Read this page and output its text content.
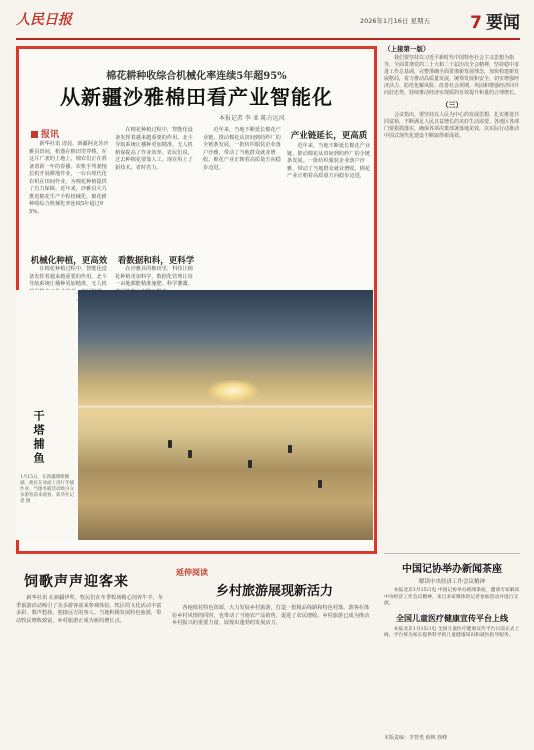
人民日报	2026年1月16日 星期五 7 要闻
棉花耕种收综合机械化率连续5年超95%
从新疆沙雅棉田看产业智能化
本报记者 李 亚 陈方远风
报讯

新华社讯 清晨，新疆阿克苏沙雅县田间，机器在棉田里穿梭。在这片广袤的土地上，棉农们正在准备着新一年的春播。农机手驾驶拖拉机开展耕地作业，一台台现代化农机在田间作业，为棉花种植提供了有力保障。近年来，沙雅县大力推进棉花生产全程机械化，棉花耕种收综合机械化率连续5年超过95%。

机械化种植，更高效

在棉花种植过程中，智能化设备发挥着越来越重要的作用。北斗导航系统让播种更加精准，无人机

在棉花种植过程中，智能化设备发挥着越来越重要的作用。北斗导航系统让播种更加精准，无人机植保提高了作业效率。农民们说，过去种棉花要靠人工，现在用上了新技术，省时省力。

看数据和科，更科学

在沙雅县的棉田里，科技让棉花种植更加科学，数据化管理让每一亩地都能精准施肥、科学灌溉，

近年来，当地不断延长棉花产业链，推动棉花从田间到纺纱厂的全链条发展。一批纺织服装企业落户沙雅，带动了当地群众就业增收。棉花产业正朝着高质量方向稳步迈进。

产业链延长，更高质

近年来，当地不断延长棉花产业链，推动棉花从田间到纺纱厂的全链条发展。一批纺织服装企业落户沙雅，带动了当地群众就业增收。棉花产业正朝着高质量方向稳步迈进。

干塔捕鱼
1月15日，在新疆博斯腾湖，渔民在冰面上进行冬捕作业。当地冬捕活动吸引众多游客前来观看。新华社记者 摄
（上接第一版）

我们要坚持以习近平新时代中国特色社会主义思想为指导，全面贯彻党的二十大和二十届历次全会精神，坚持稳中求进工作总基调，完整准确全面贯彻新发展理念，加快构建新发展格局，着力推动高质量发展，统筹发展和安全，切实增强经济活力、防范化解风险、改善社会预期，巩固和增强经济回升向好态势，持续推动经济实现质的有效提升和量的合理增长。

（三）

会议指出，要坚持以人民为中心的发展思想，扎实推进共同富裕，不断满足人民日益增长的美好生活需要。各地区各部门要狠抓落实，确保各项决策部署落地见效，以实际行动推动中国式现代化建设不断取得新成效。

饲歌声声迎客来

新华社讯 在新疆伊犁，牧民们在冬季牧场精心饲养牛羊，冬季旅游活动吸引了众多游客前来参观体验。牧区的文化活动丰富多彩，歌声悠扬，迎接远方的客人。当地积极发展特色旅游，带动牧民增收致富，乡村旅游正成为新的增长点。

延伸阅读
乡村旅游展现新活力

各地依托特色资源，大力发展乡村旅游，打造一批精品线路和特色村落。游客在体验乡村风情的同时，也带动了当地农产品销售，促进了农民增收。乡村旅游已成为推动乡村振兴的重要力量，展现出蓬勃的发展活力。

中国记协举办新闻茶座
解读中央经济工作会议精神

本报北京1月15日电 中国记协举办新闻茶座，邀请专家解读中央经济工作会议精神，来自多家媒体的记者参加活动并进行交流。

全国儿童医疗健康宣传平台上线

本报北京1月15日电 全国儿童医疗健康宣传平台日前正式上线，平台将为家长提供科学的儿童健康知识和就医指导服务。

本版责编：李智勇 薛枫 徐峰
